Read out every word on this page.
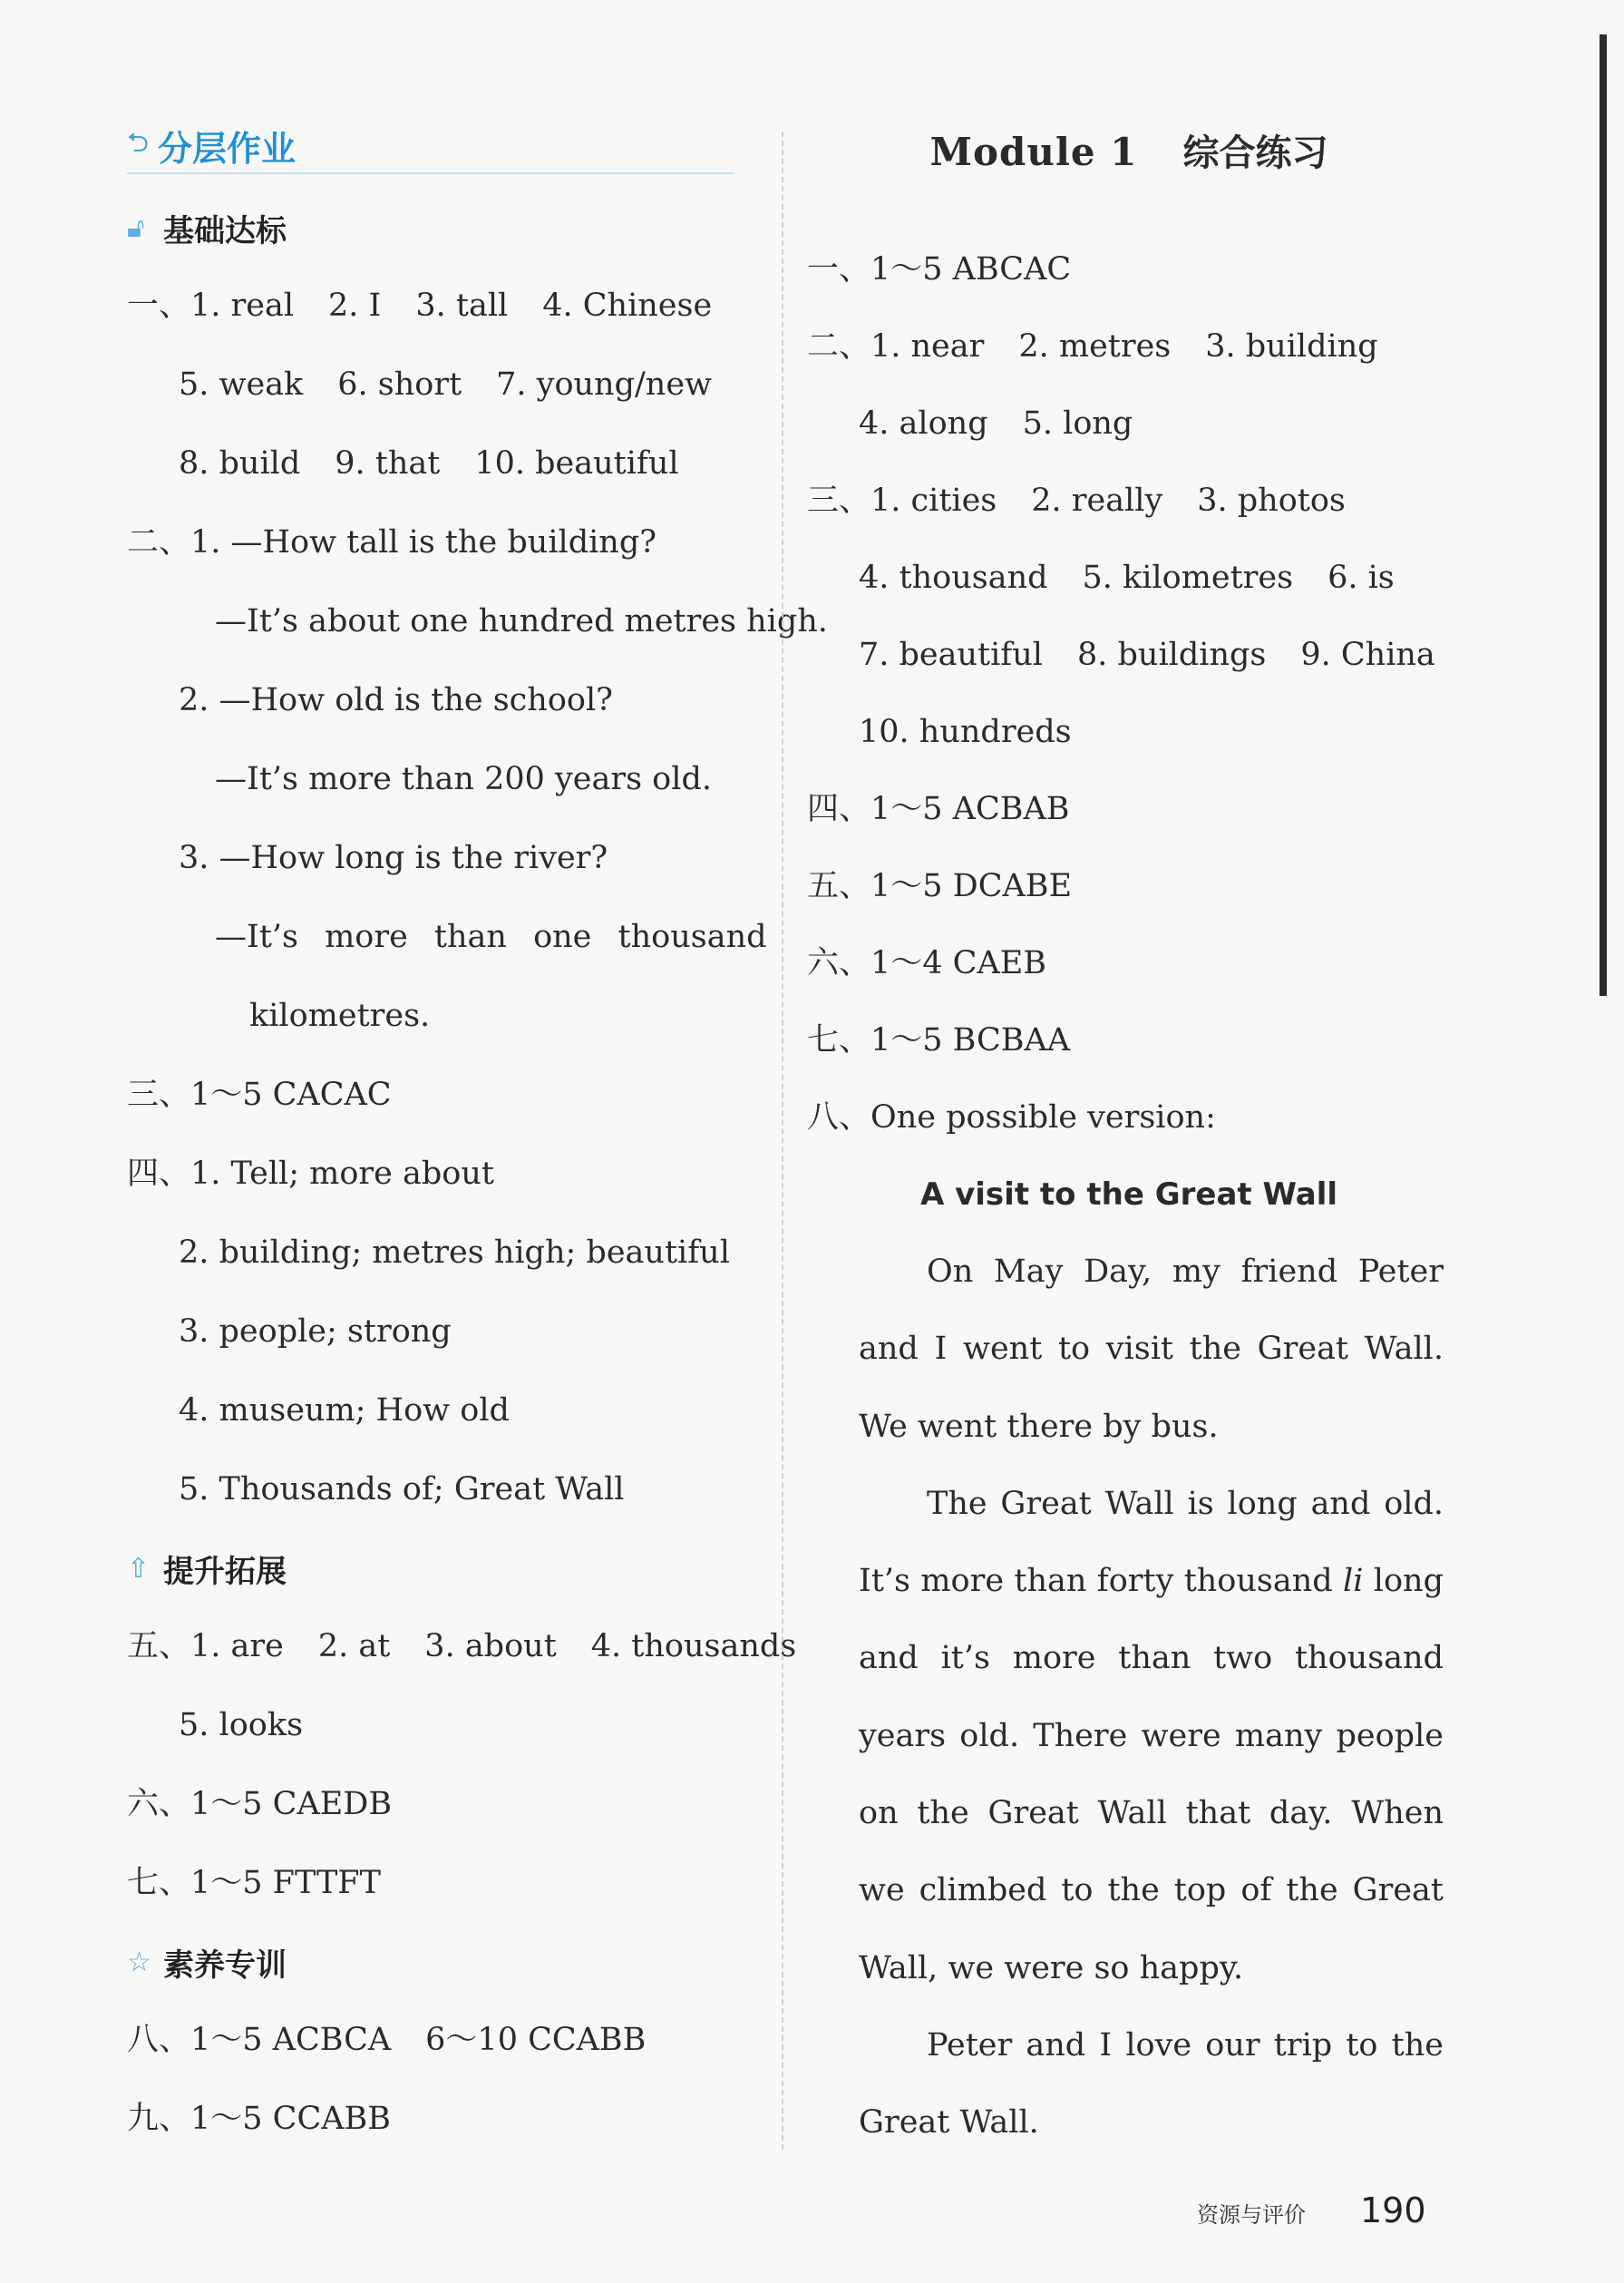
⮌ 分层作业
🔓︎ 基础达标
一、1. real 2. I 3. tall 4. Chinese
5. weak 6. short 7. young/new
8. build 9. that 10. beautiful
二、1. —How tall is the building?
—It’s about one hundred metres high.
2. —How old is the school?
—It’s more than 200 years old.
3. —How long is the river?
—It’s more than one thousand
kilometres.
三、1～5 CACAC
四、1. Tell; more about
2. building; metres high; beautiful
3. people; strong
4. museum; How old
5. Thousands of; Great Wall
⇧ 提升拓展
五、1. are 2. at 3. about 4. thousands
5. looks
六、1～5 CAEDB
七、1～5 FTTFT
☆ 素养专训
八、1～5 ACBCA 6～10 CCABB
九、1～5 CCABB
Module 1 综合练习
一、1～5 ABCAC
二、1. near 2. metres 3. building
4. along 5. long
三、1. cities 2. really 3. photos
4. thousand 5. kilometres 6. is
7. beautiful 8. buildings 9. China
10. hundreds
四、1～5 ACBAB
五、1～5 DCABE
六、1～4 CAEB
七、1～5 BCBAA
八、One possible version:
A visit to the Great Wall

On May Day, my friend Peter and I went to visit the Great Wall. We went there by bus.

The Great Wall is long and old. It’s more than forty thousand li long and it’s more than two thousand years old. There were many people on the Great Wall that day. When we climbed to the top of the Great Wall, we were so happy.

Peter and I love our trip to the Great Wall.

资源与评价 190
